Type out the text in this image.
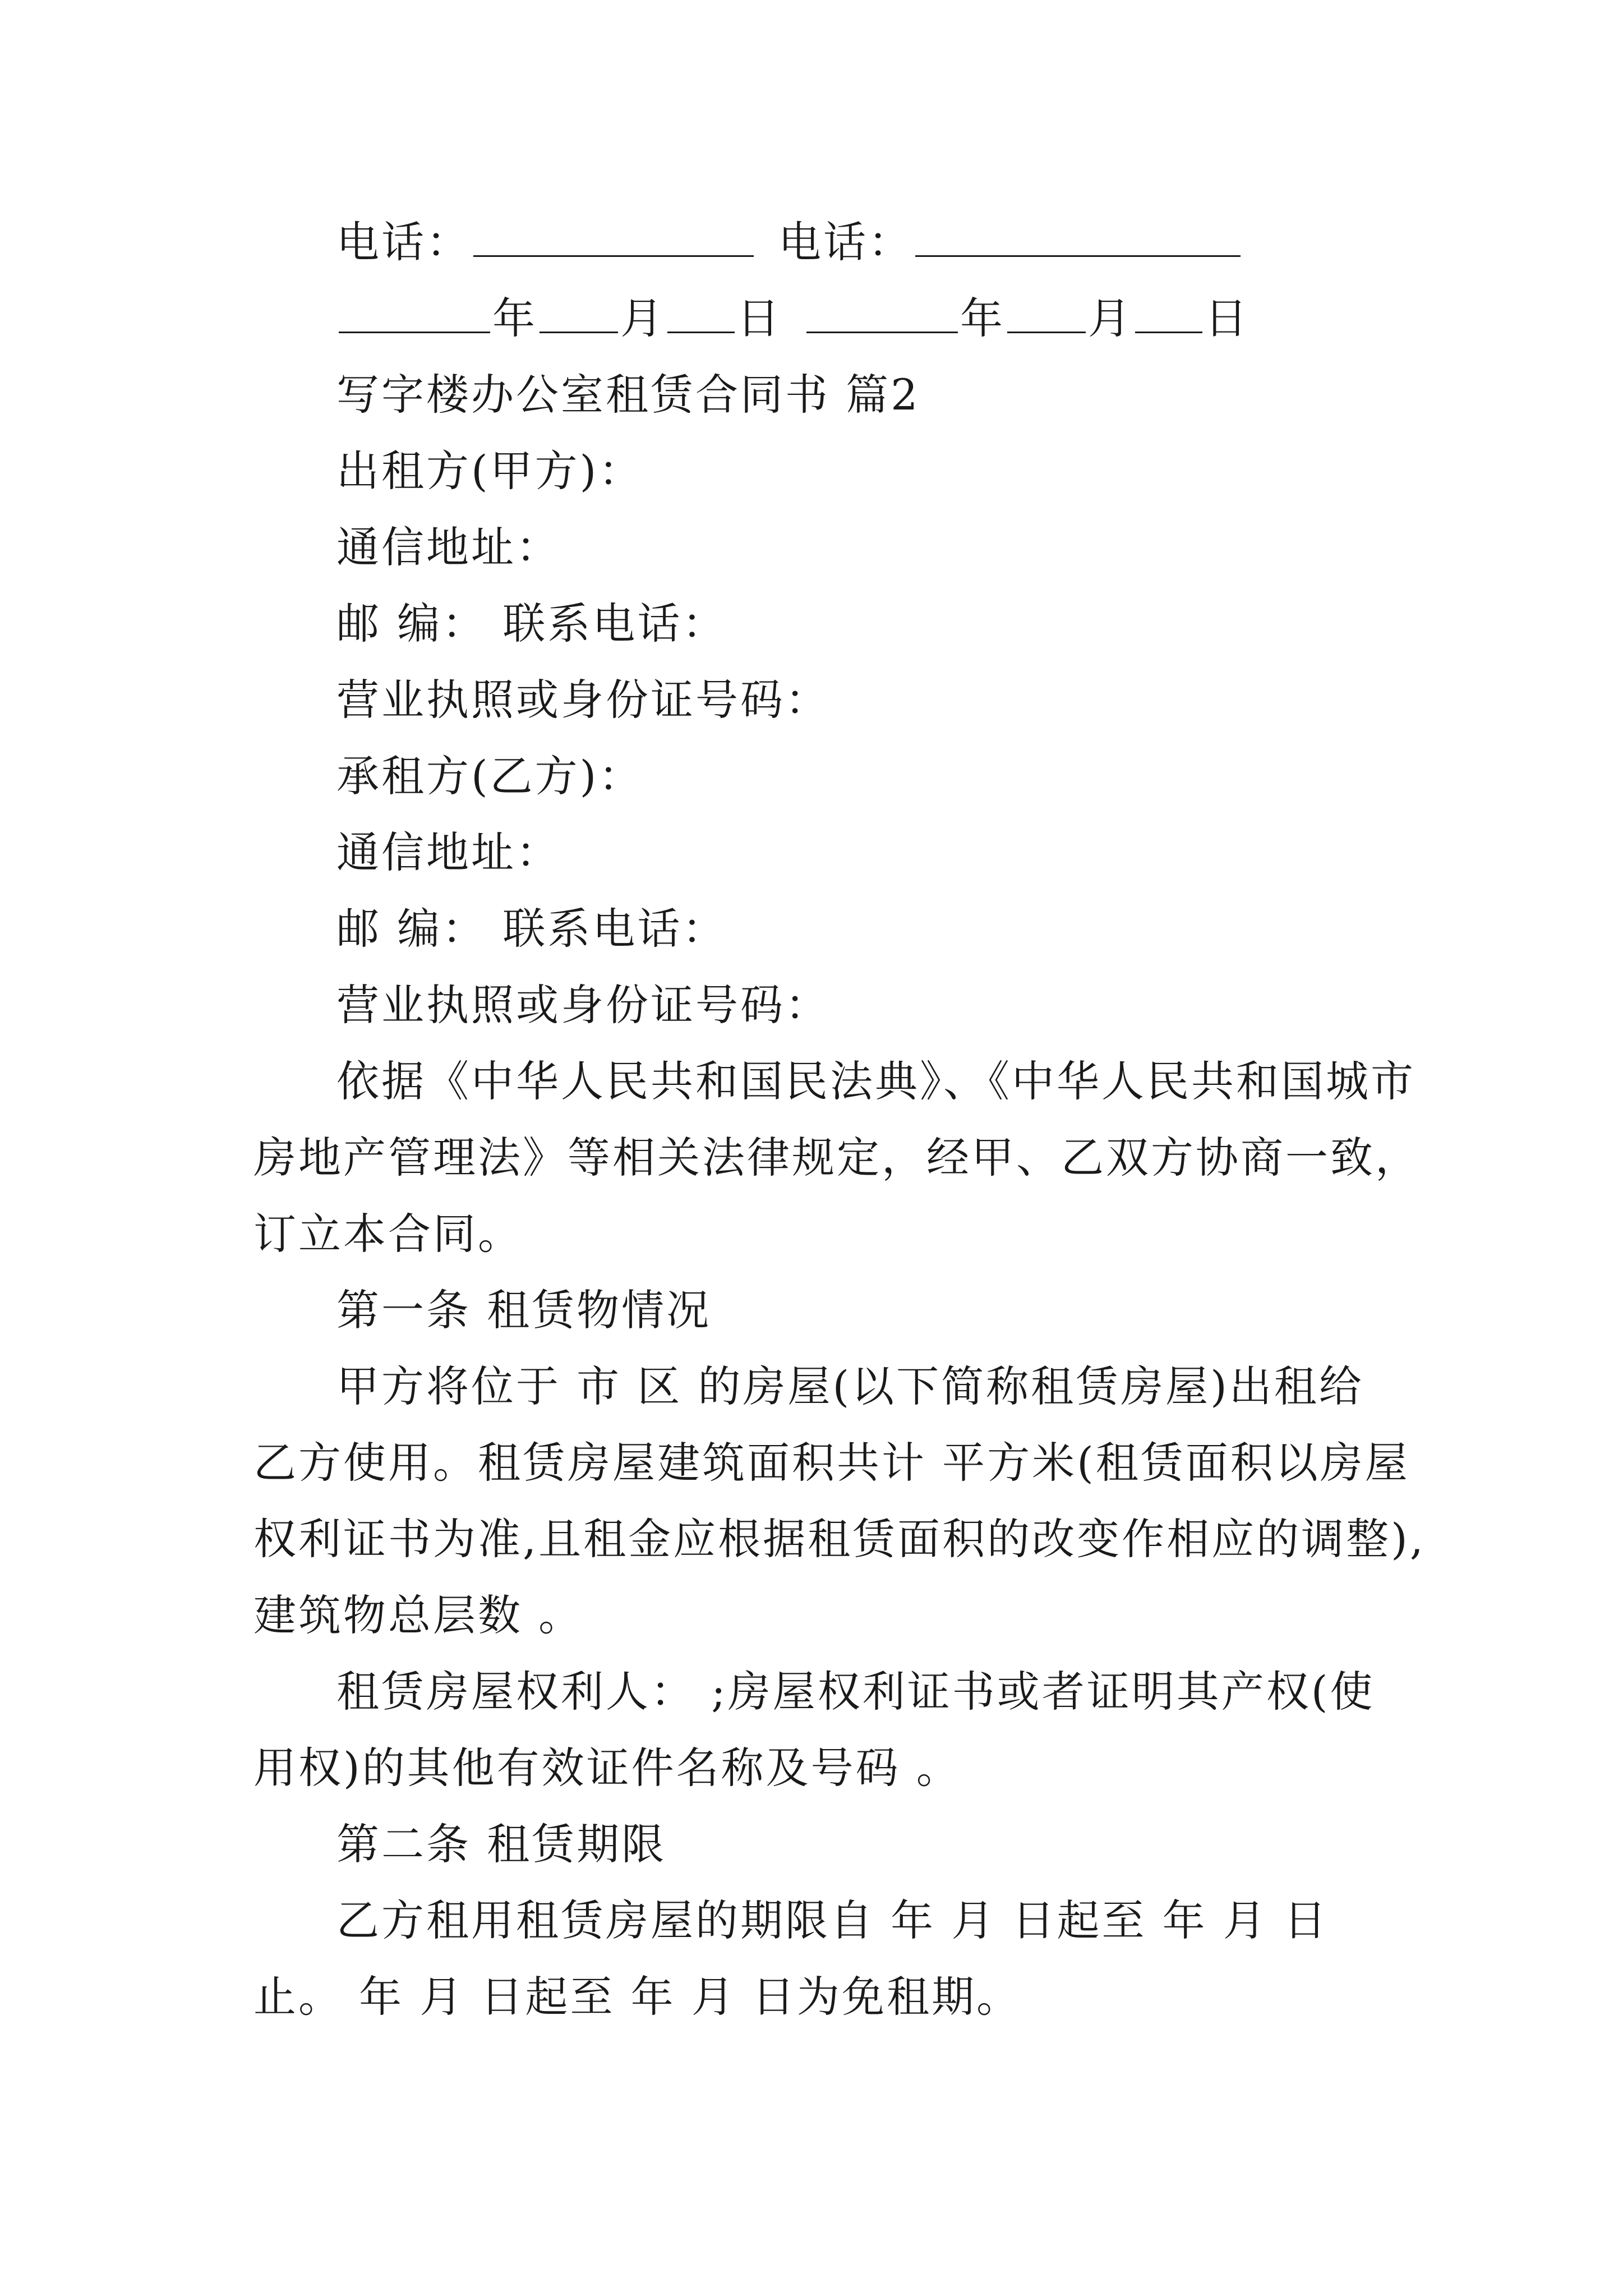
电话：	电话：
年 月 日	年 月 日
写字楼办公室租赁合同书 篇2
出租方(甲方)：
通信地址：
邮 编： 联系电话：
营业执照或身份证号码：
承租方(乙方)：
通信地址：
邮 编： 联系电话：
营业执照或身份证号码：
依据《中华人民共和国民法典》、《中华人民共和国城市
房地产管理法》等相关法律规定，经甲、乙双方协商一致，
订立本合同。
第一条 租赁物情况
甲方将位于 市 区 的房屋(以下简称租赁房屋)出租给
乙方使用。租赁房屋建筑面积共计 平方米(租赁面积以房屋
权利证书为准,且租金应根据租赁面积的改变作相应的调整),
建筑物总层数 。
租赁房屋权利人： ;房屋权利证书或者证明其产权(使
用权)的其他有效证件名称及号码 。
第二条 租赁期限
乙方租用租赁房屋的期限自 年 月 日起至 年 月 日
止。 年 月 日起至 年 月 日为免租期。
